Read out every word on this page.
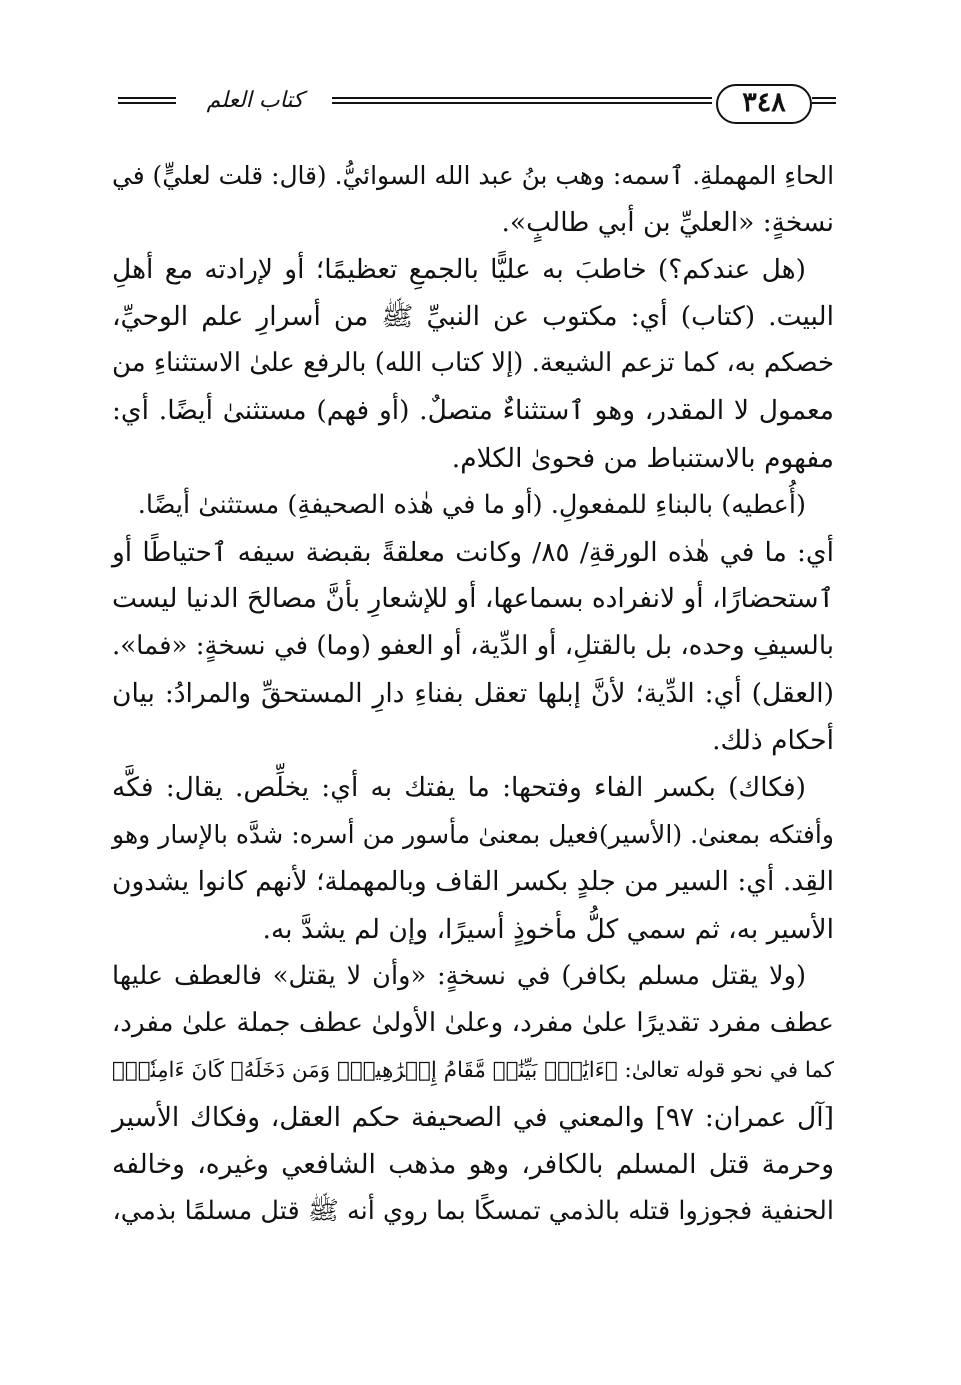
كتاب العلم	٣٤٨
الحاءِ المهملةِ. ٱسمه: وهب بنُ عبد الله السوائيُّ. (قال: قلت لعليٍّ) في
نسخةٍ: «العليِّ بن أبي طالبٍ».
(هل عندكم؟) خاطبَ به عليًّا بالجمعِ تعظيمًا؛ أو لإرادته مع أهلِ
البيت. (كتاب) أي: مكتوب عن النبيِّ ﷺ من أسرارِ علم الوحيِّ،
خصكم به، كما تزعم الشيعة. (إلا كتاب الله) بالرفع علىٰ الاستثناءِ من
معمول لا المقدر، وهو ٱستثناءٌ متصلٌ. (أو فهم) مستثنىٰ أيضًا. أي:
مفهوم بالاستنباط من فحوىٰ الكلام.
(أُعطيه) بالبناءِ للمفعولِ. (أو ما في هٰذه الصحيفةِ) مستثنىٰ أيضًا.
أي: ما في هٰذه الورقةِ/ ٨٥/ وكانت معلقةً بقبضة سيفه ٱحتياطًا أو
ٱستحضارًا، أو لانفراده بسماعها، أو للإشعارِ بأنَّ مصالحَ الدنيا ليست
بالسيفِ وحده، بل بالقتلِ، أو الدِّية، أو العفو (وما) في نسخةٍ: «فما».
(العقل) أي: الدِّية؛ لأنَّ إبلها تعقل بفناءِ دارِ المستحقِّ والمرادُ: بيان
أحكام ذلك.
(فكاك) بكسر الفاء وفتحها: ما يفتك به أي: يخلِّص. يقال: فكَّه
وأفتكه بمعنىٰ. (الأسير)فعيل بمعنىٰ مأسور من أسره: شدَّه بالإسار وهو
القِد. أي: السير من جلدٍ بكسر القاف وبالمهملة؛ لأنهم كانوا يشدون
الأسير به، ثم سمي كلُّ مأخوذٍ أسيرًا، وإن لم يشدَّ به.
(ولا يقتل مسلم بكافر) في نسخةٍ: «وأن لا يقتل» فالعطف عليها
عطف مفرد تقديرًا علىٰ مفرد، وعلىٰ الأولىٰ عطف جملة علىٰ مفرد،
كما في نحو قوله تعالىٰ: ﴿ءَايَٰتُۢ بَيِّنَٰتٞ مَّقَامُ إِبۡرَٰهِيمَۖ وَمَن دَخَلَهُۥ كَانَ ءَامِنٗاۗ﴾
[آل عمران: ٩٧] والمعني في الصحيفة حكم العقل، وفكاك الأسير
وحرمة قتل المسلم بالكافر، وهو مذهب الشافعي وغيره، وخالفه
الحنفية فجوزوا قتله بالذمي تمسكًا بما روي أنه ﷺ قتل مسلمًا بذمي،
